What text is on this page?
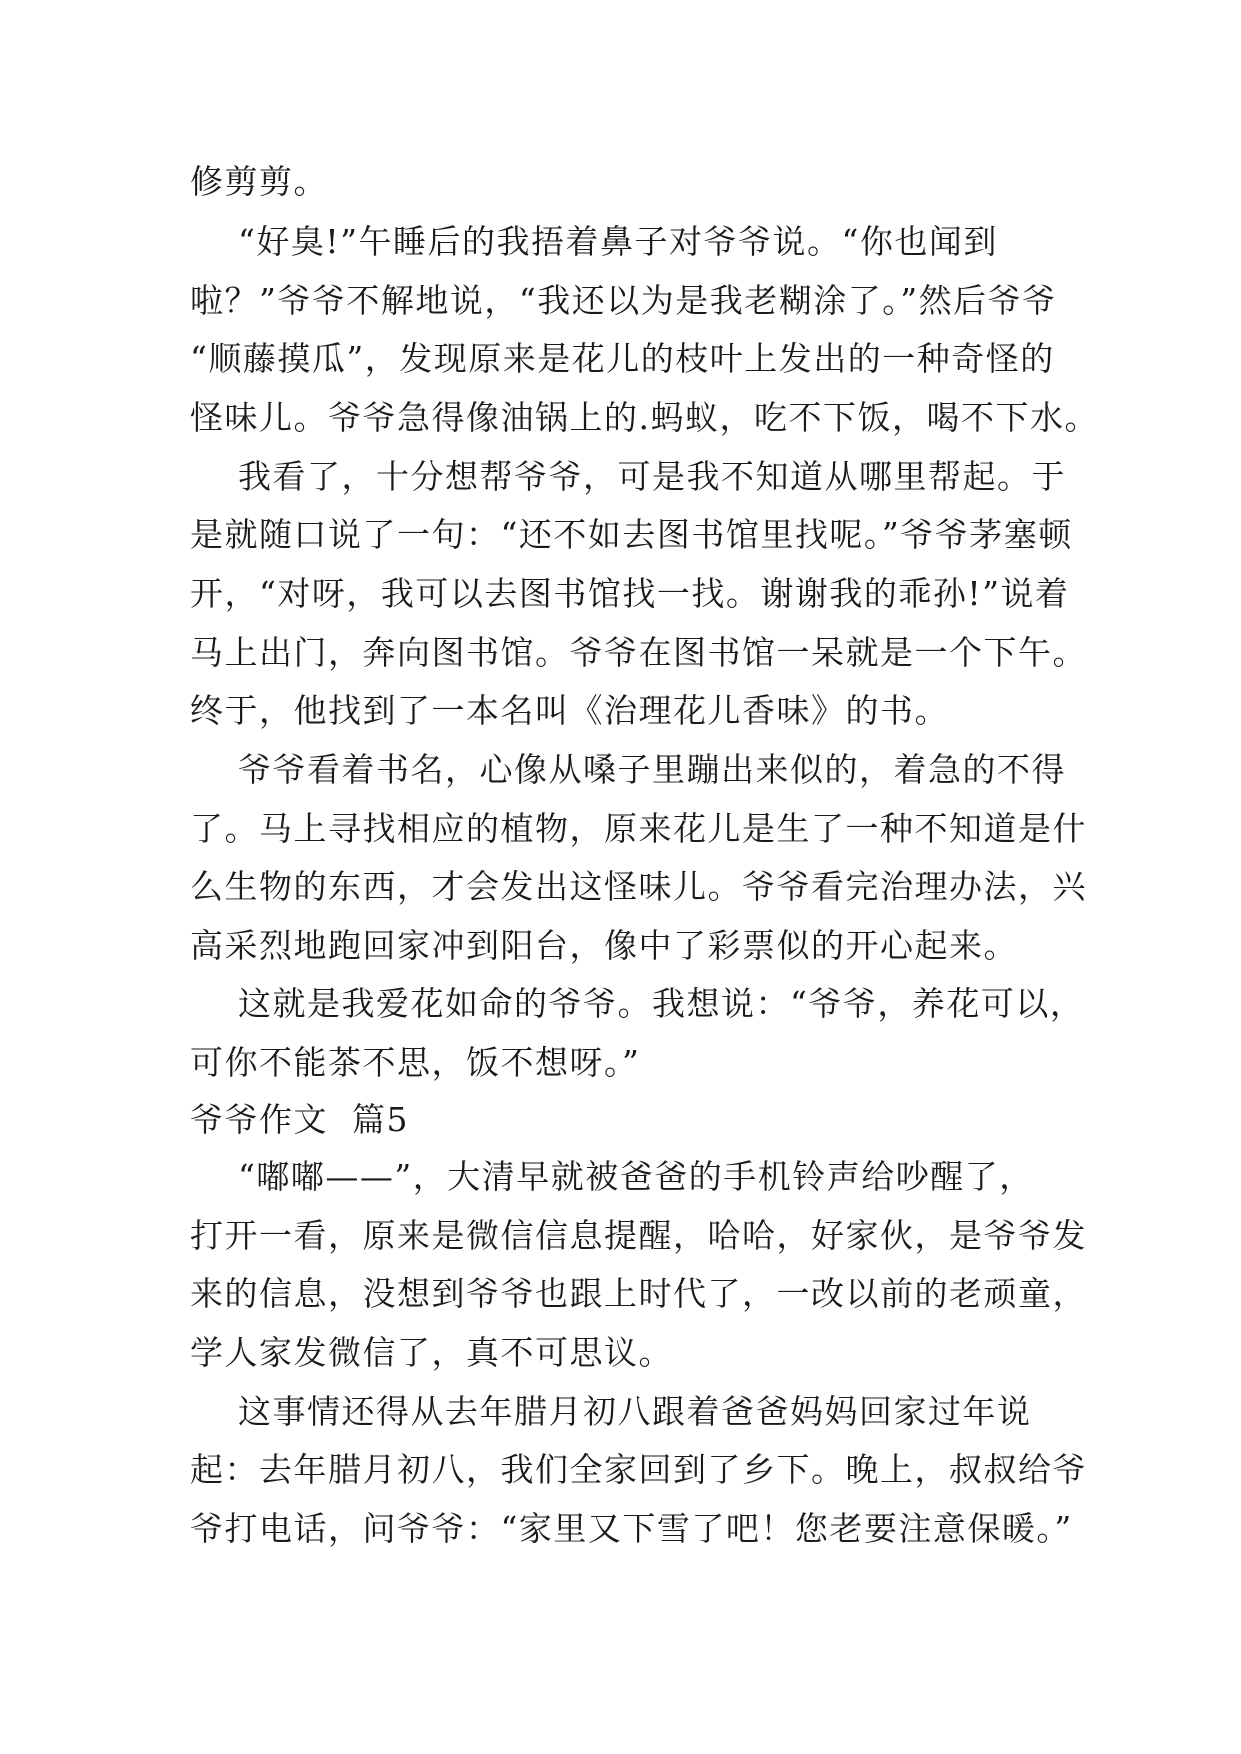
修剪剪。
“好臭!”午睡后的我捂着鼻子对爷爷说。“你也闻到
啦？”爷爷不解地说，“我还以为是我老糊涂了。”然后爷爷
“顺藤摸瓜”，发现原来是花儿的枝叶上发出的一种奇怪的
怪味儿。爷爷急得像油锅上的.蚂蚁，吃不下饭，喝不下水。
我看了，十分想帮爷爷，可是我不知道从哪里帮起。于
是就随口说了一句：“还不如去图书馆里找呢。”爷爷茅塞顿
开，“对呀，我可以去图书馆找一找。谢谢我的乖孙!”说着
马上出门，奔向图书馆。爷爷在图书馆一呆就是一个下午。
终于，他找到了一本名叫《治理花儿香味》的书。
爷爷看着书名，心像从嗓子里蹦出来似的，着急的不得
了。马上寻找相应的植物，原来花儿是生了一种不知道是什
么生物的东西，才会发出这怪味儿。爷爷看完治理办法，兴
高采烈地跑回家冲到阳台，像中了彩票似的开心起来。
这就是我爱花如命的爷爷。我想说：“爷爷，养花可以，
可你不能茶不思，饭不想呀。”
爷爷作文  篇5
“嘟嘟——”，大清早就被爸爸的手机铃声给吵醒了，
打开一看，原来是微信信息提醒，哈哈，好家伙，是爷爷发
来的信息，没想到爷爷也跟上时代了，一改以前的老顽童，
学人家发微信了，真不可思议。
这事情还得从去年腊月初八跟着爸爸妈妈回家过年说
起：去年腊月初八，我们全家回到了乡下。晚上，叔叔给爷
爷打电话，问爷爷：“家里又下雪了吧！您老要注意保暖。”
